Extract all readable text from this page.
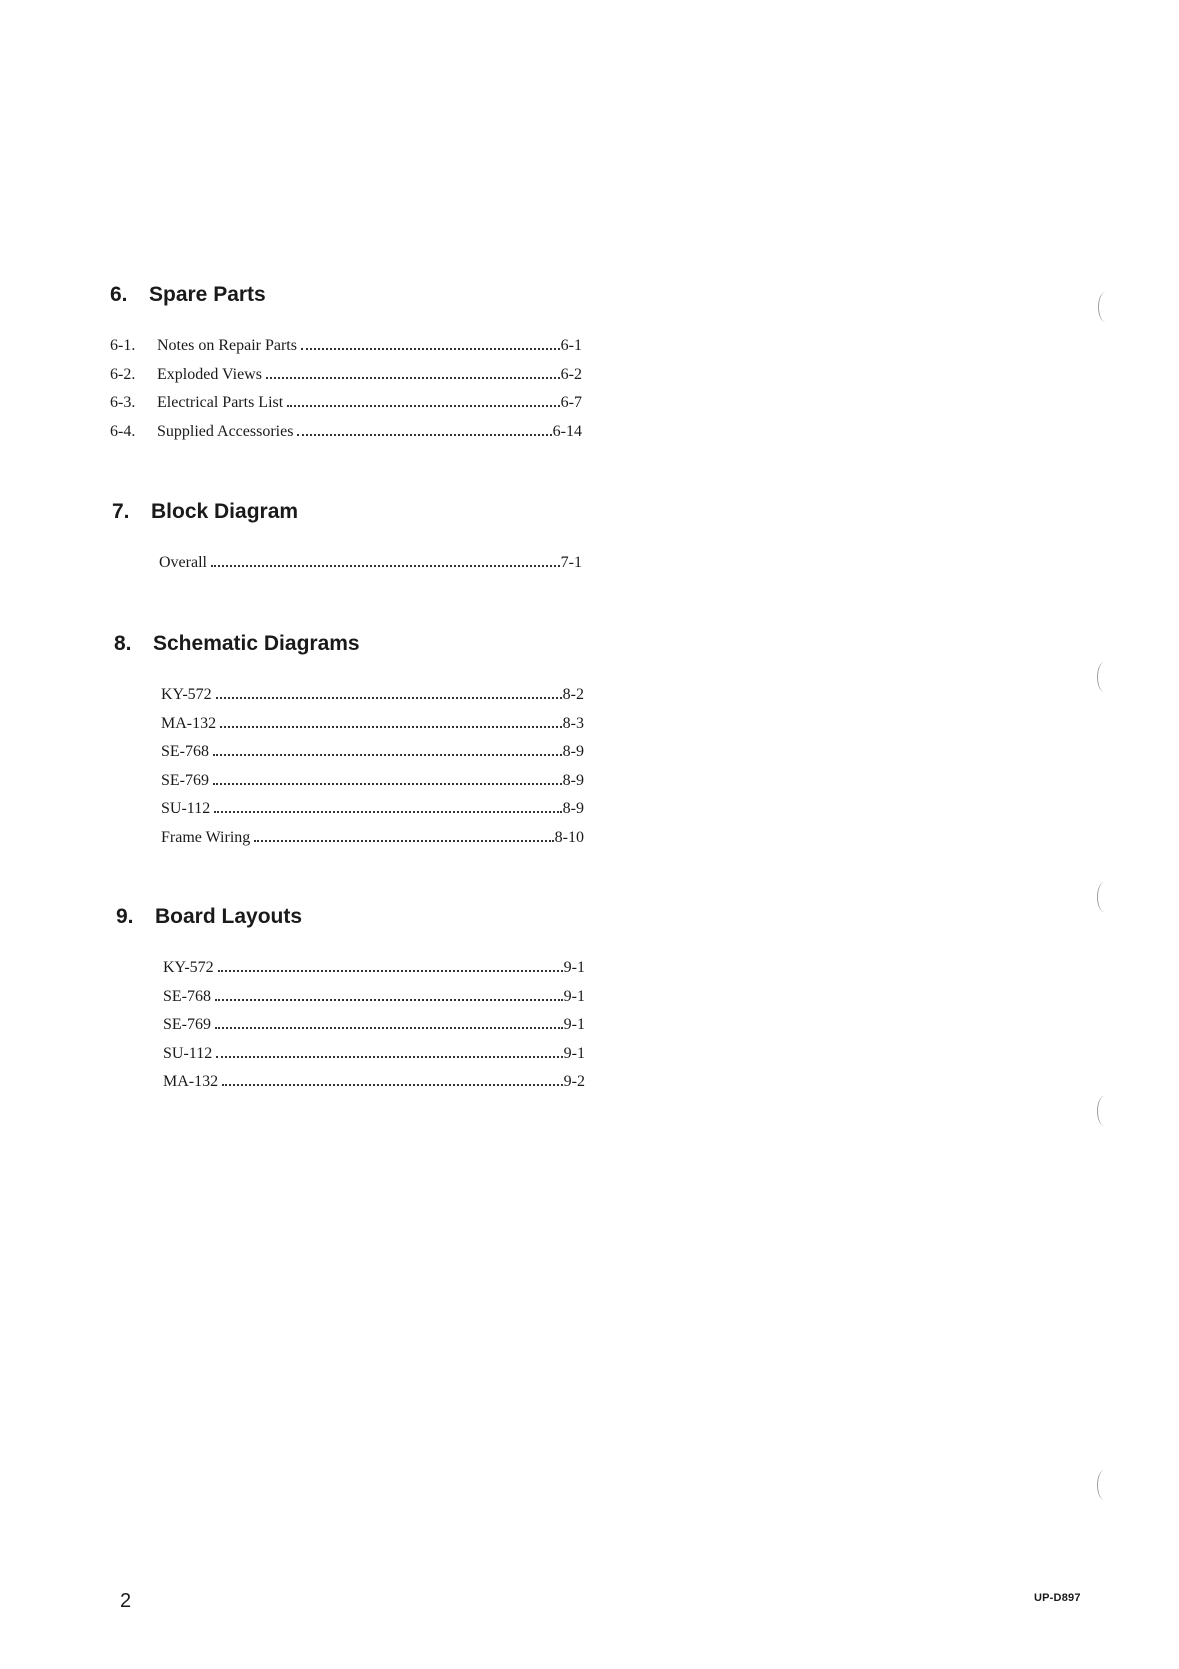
6.	Spare Parts
6-1. Notes on Repair Parts	6-1
6-2. Exploded Views	6-2
6-3. Electrical Parts List	6-7
6-4. Supplied Accessories	6-14
7.	Block Diagram
Overall	7-1
8.	Schematic Diagrams
KY-572	8-2
MA-132	8-3
SE-768	8-9
SE-769	8-9
SU-112	8-9
Frame Wiring	8-10
9.	Board Layouts
KY-572	9-1
SE-768	9-1
SE-769	9-1
SU-112	9-1
MA-132	9-2
2	UP-D897
